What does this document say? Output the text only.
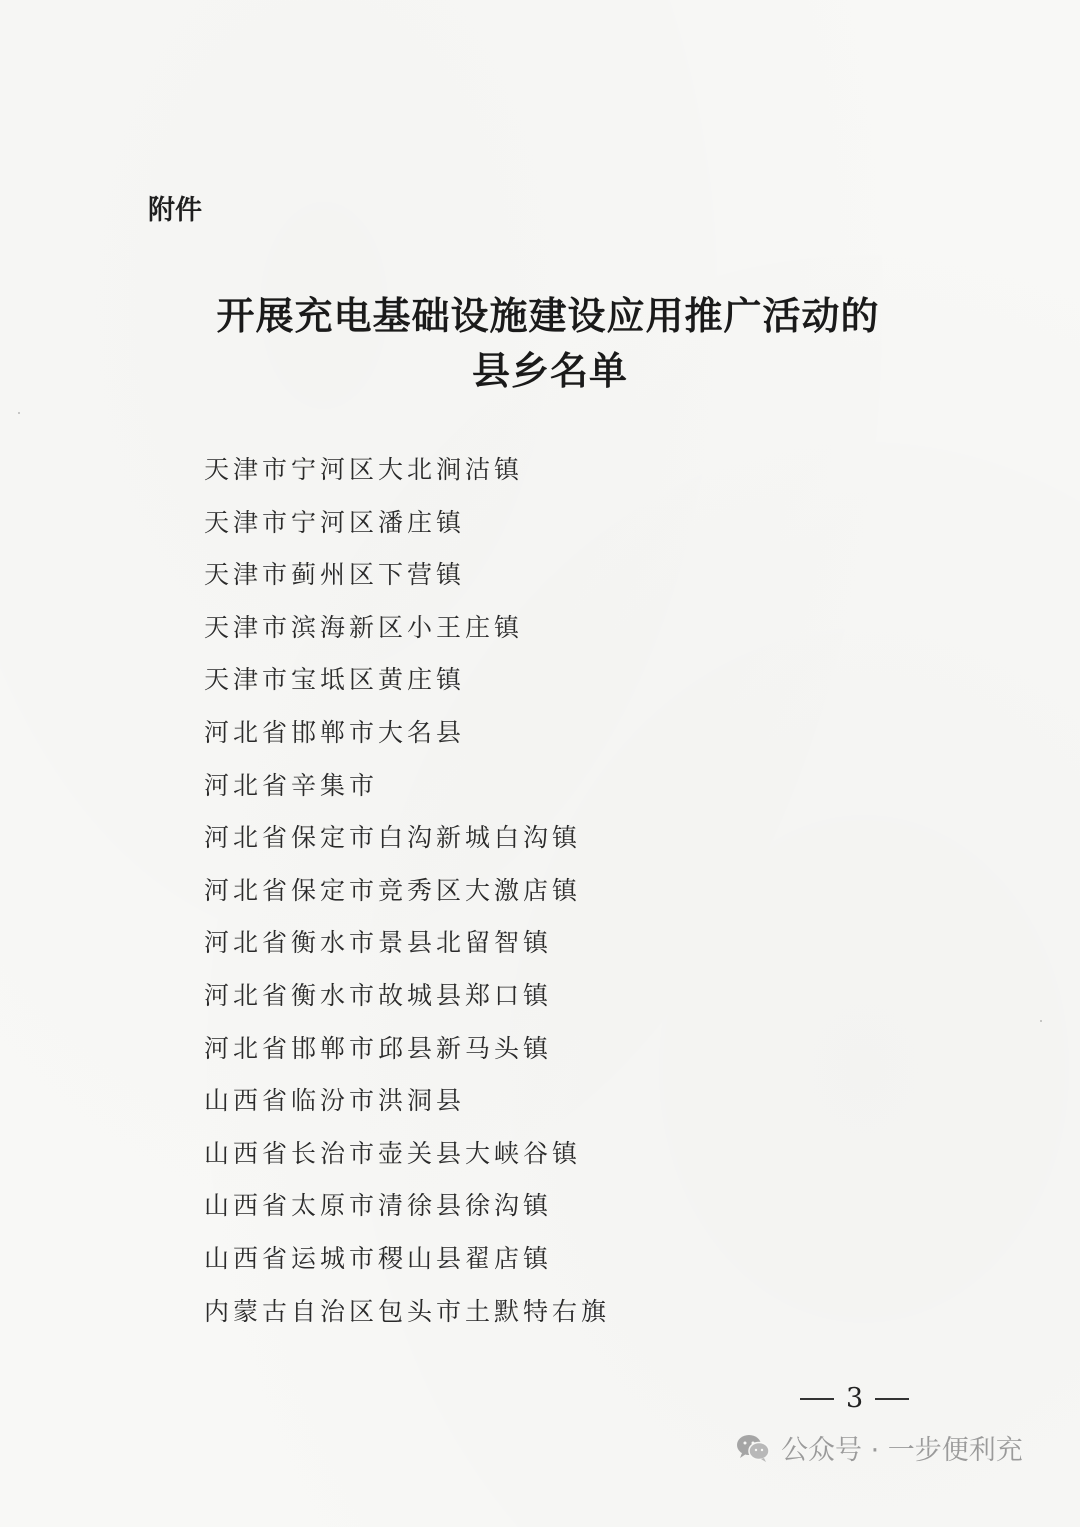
附件
开展充电基础设施建设应用推广活动的
县乡名单
天津市宁河区大北涧沽镇
天津市宁河区潘庄镇
天津市蓟州区下营镇
天津市滨海新区小王庄镇
天津市宝坻区黄庄镇
河北省邯郸市大名县
河北省辛集市
河北省保定市白沟新城白沟镇
河北省保定市竞秀区大激店镇
河北省衡水市景县北留智镇
河北省衡水市故城县郑口镇
河北省邯郸市邱县新马头镇
山西省临汾市洪洞县
山西省长治市壶关县大峡谷镇
山西省太原市清徐县徐沟镇
山西省运城市稷山县翟店镇
内蒙古自治区包头市土默特右旗
3
公众号 · 一步便利充
